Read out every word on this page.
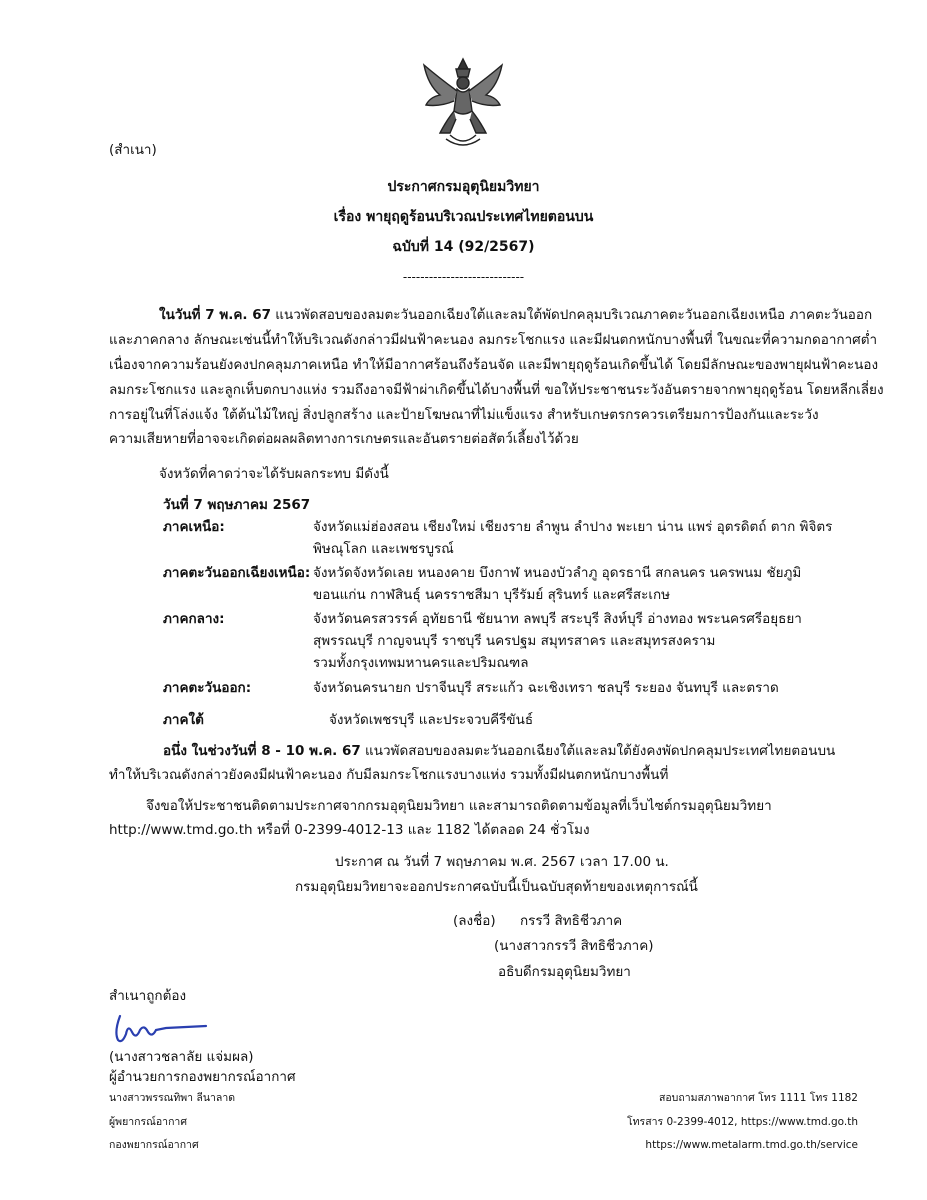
(สำเนา)
ประกาศกรมอุตุนิยมวิทยา
เรื่อง พายุฤดูร้อนบริเวณประเทศไทยตอนบน
ฉบับที่ 14 (92/2567)
----------------------------
ในวันที่ 7 พ.ค. 67 แนวพัดสอบของลมตะวันออกเฉียงใต้และลมใต้พัดปกคลุมบริเวณภาคตะวันออกเฉียงเหนือ ภาคตะวันออก
และภาคกลาง ลักษณะเช่นนี้ทำให้บริเวณดังกล่าวมีฝนฟ้าคะนอง ลมกระโชกแรง และมีฝนตกหนักบางพื้นที่ ในขณะที่ความกดอากาศต่ำ
เนื่องจากความร้อนยังคงปกคลุมภาคเหนือ ทำให้มีอากาศร้อนถึงร้อนจัด และมีพายุฤดูร้อนเกิดขึ้นได้ โดยมีลักษณะของพายุฝนฟ้าคะนอง
ลมกระโชกแรง และลูกเห็บตกบางแห่ง รวมถึงอาจมีฟ้าผ่าเกิดขึ้นได้บางพื้นที่ ขอให้ประชาชนระวังอันตรายจากพายุฤดูร้อน โดยหลีกเลี่ยง
การอยู่ในที่โล่งแจ้ง ใต้ต้นไม้ใหญ่ สิ่งปลูกสร้าง และป้ายโฆษณาที่ไม่แข็งแรง สำหรับเกษตรกรควรเตรียมการป้องกันและระวัง
ความเสียหายที่อาจจะเกิดต่อผลผลิตทางการเกษตรและอันตรายต่อสัตว์เลี้ยงไว้ด้วย
จังหวัดที่คาดว่าจะได้รับผลกระทบ มีดังนี้
วันที่ 7 พฤษภาคม 2567
ภาคเหนือ:	จังหวัดแม่ฮ่องสอน เชียงใหม่ เชียงราย ลำพูน ลำปาง พะเยา น่าน แพร่ อุตรดิตถ์ ตาก พิจิตร
พิษณุโลก และเพชรบูรณ์
ภาคตะวันออกเฉียงเหนือ: จังหวัดจังหวัดเลย หนองคาย บึงกาฬ หนองบัวลำภู อุดรธานี สกลนคร นครพนม ชัยภูมิ
ขอนแก่น กาฬสินธุ์ นครราชสีมา บุรีรัมย์ สุรินทร์ และศรีสะเกษ
ภาคกลาง:	จังหวัดนครสวรรค์ อุทัยธานี ชัยนาท ลพบุรี สระบุรี สิงห์บุรี อ่างทอง พระนครศรีอยุธยา
สุพรรณบุรี กาญจนบุรี ราชบุรี นครปฐม สมุทรสาคร และสมุทรสงคราม
รวมทั้งกรุงเทพมหานครและปริมณฑล
ภาคตะวันออก:	จังหวัดนครนายก ปราจีนบุรี สระแก้ว ฉะเชิงเทรา ชลบุรี ระยอง จันทบุรี และตราด
ภาคใต้	จังหวัดเพชรบุรี และประจวบคีรีขันธ์
อนึ่ง ในช่วงวันที่ 8 - 10 พ.ค. 67 แนวพัดสอบของลมตะวันออกเฉียงใต้และลมใต้ยังคงพัดปกคลุมประเทศไทยตอนบน
ทำให้บริเวณดังกล่าวยังคงมีฝนฟ้าคะนอง กับมีลมกระโชกแรงบางแห่ง รวมทั้งมีฝนตกหนักบางพื้นที่
จึงขอให้ประชาชนติดตามประกาศจากกรมอุตุนิยมวิทยา และสามารถติดตามข้อมูลที่เว็บไซต์กรมอุตุนิยมวิทยา
http://www.tmd.go.th หรือที่ 0-2399-4012-13 และ 1182 ได้ตลอด 24 ชั่วโมง
ประกาศ ณ วันที่ 7 พฤษภาคม พ.ศ. 2567 เวลา 17.00 น.
กรมอุตุนิยมวิทยาจะออกประกาศฉบับนี้เป็นฉบับสุดท้ายของเหตุการณ์นี้
(ลงชื่อ) กรรวี สิทธิชีวภาค
(นางสาวกรรวี สิทธิชีวภาค)
อธิบดีกรมอุตุนิยมวิทยา
สำเนาถูกต้อง
(นางสาวชลาลัย แจ่มผล)
ผู้อำนวยการกองพยากรณ์อากาศ
นางสาวพรรณทิพา ลีนาลาด
ผู้พยากรณ์อากาศ
กองพยากรณ์อากาศ
สอบถามสภาพอากาศ โทร 1111 โทร 1182
โทรสาร 0-2399-4012, https://www.tmd.go.th
https://www.metalarm.tmd.go.th/service
